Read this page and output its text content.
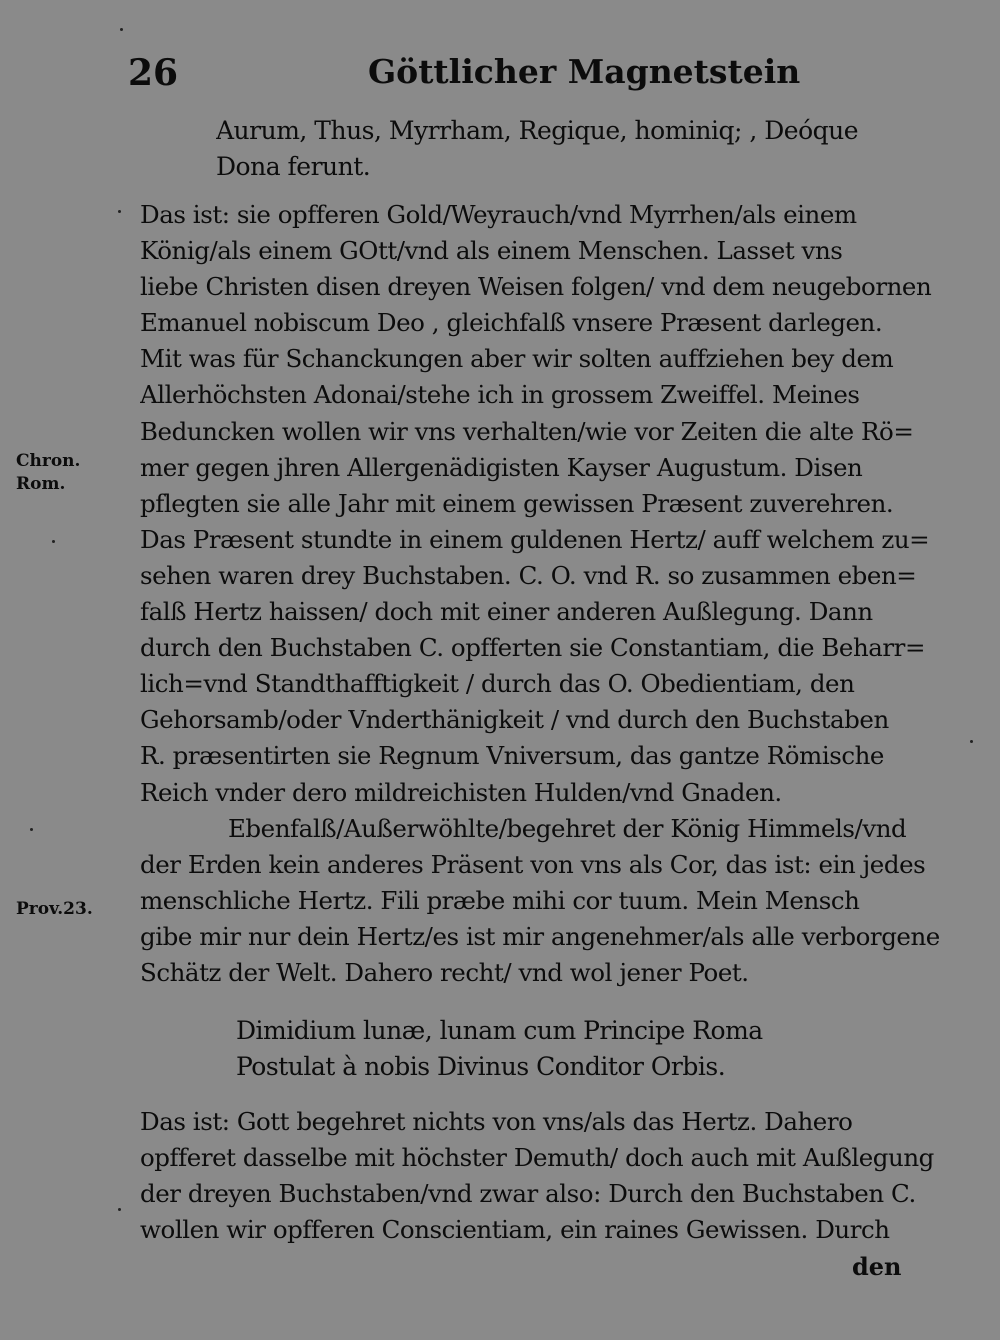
26	Göttlicher Magnetstein
Aurum, Thus, Myrrham, Regique, hominiq; , Deóque
Dona ferunt.
Das ist: sie opfferen Gold/Weyrauch/vnd Myrrhen/als einem
König/als einem GOtt/vnd als einem Menschen. Lasset vns
liebe Christen disen dreyen Weisen folgen/ vnd dem neugebornen
Emanuel nobiscum Deo , gleichfalß vnsere Præsent darlegen.
Mit was für Schanckungen aber wir solten auffziehen bey dem
Allerhöchsten Adonai/stehe ich in grossem Zweiffel. Meines
Beduncken wollen wir vns verhalten/wie vor Zeiten die alte Rö=
mer gegen jhren Allergenädigisten Kayser Augustum. Disen
pflegten sie alle Jahr mit einem gewissen Præsent zuverehren.
Das Præsent stundte in einem guldenen Hertz/ auff welchem zu=
sehen waren drey Buchstaben. C. O. vnd R. so zusammen eben=
falß Hertz haissen/ doch mit einer anderen Außlegung. Dann
durch den Buchstaben C. opfferten sie Constantiam, die Beharr=
lich=vnd Standthafftigkeit / durch das O. Obedientiam, den
Gehorsamb/oder Vnderthänigkeit / vnd durch den Buchstaben
R. præsentirten sie Regnum Vniversum, das gantze Römische
Reich vnder dero mildreichisten Hulden/vnd Gnaden.
Ebenfalß/Außerwöhlte/begehret der König Himmels/vnd
der Erden kein anderes Präsent von vns als Cor, das ist: ein jedes
menschliche Hertz. Fili præbe mihi cor tuum. Mein Mensch
gibe mir nur dein Hertz/es ist mir angenehmer/als alle verborgene
Schätz der Welt. Dahero recht/ vnd wol jener Poet.
Dimidium lunæ, lunam cum Principe Roma
Postulat à nobis Divinus Conditor Orbis.
Das ist: Gott begehret nichts von vns/als das Hertz. Dahero
opfferet dasselbe mit höchster Demuth/ doch auch mit Außlegung
der dreyen Buchstaben/vnd zwar also: Durch den Buchstaben C.
wollen wir opfferen Conscientiam, ein raines Gewissen. Durch
den
Chron.
Rom.
Prov.23.
